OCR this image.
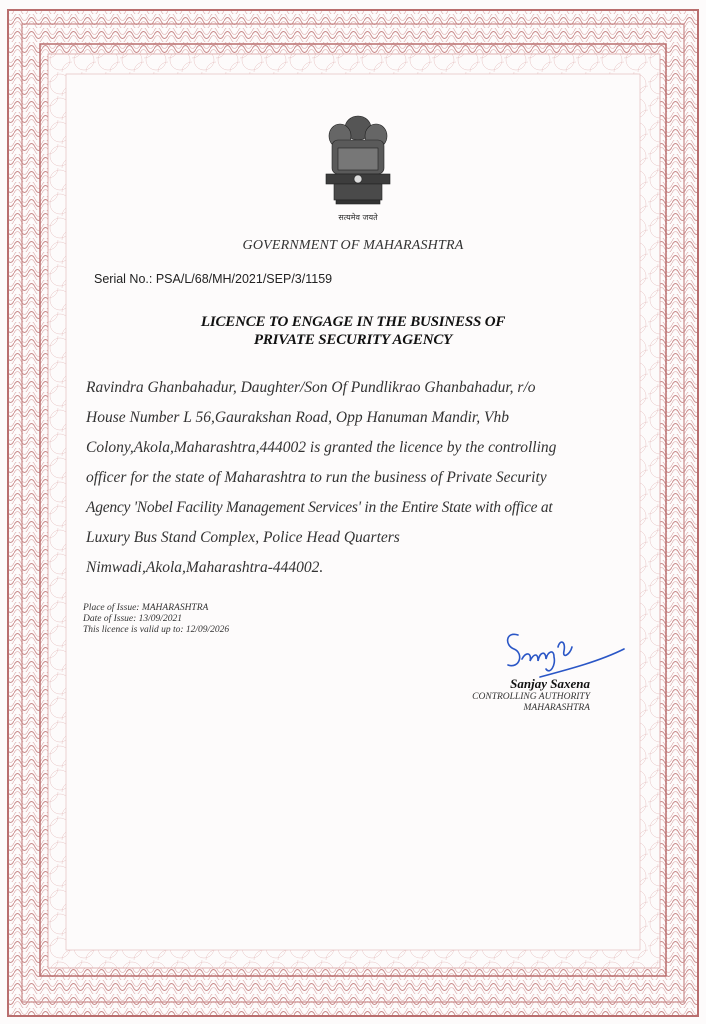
सत्यमेव जयते
GOVERNMENT OF MAHARASHTRA
Serial No.: PSA/L/68/MH/2021/SEP/3/1159
LICENCE TO ENGAGE IN THE BUSINESS OF
PRIVATE SECURITY AGENCY
Ravindra Ghanbahadur, Daughter/Son Of Pundlikrao Ghanbahadur, r/o
House Number L 56,Gaurakshan Road, Opp Hanuman Mandir, Vhb
Colony,Akola,Maharashtra,444002 is granted the licence by the controlling
officer for the state of Maharashtra to run the business of Private Security
Agency 'Nobel Facility Management Services' in the Entire State with office at
Luxury Bus Stand Complex, Police Head Quarters
Nimwadi,Akola,Maharashtra-444002.
Place of Issue: MAHARASHTRA
Date of Issue: 13/09/2021
This licence is valid up to: 12/09/2026
Sanjay Saxena
CONTROLLING AUTHORITY
MAHARASHTRA
